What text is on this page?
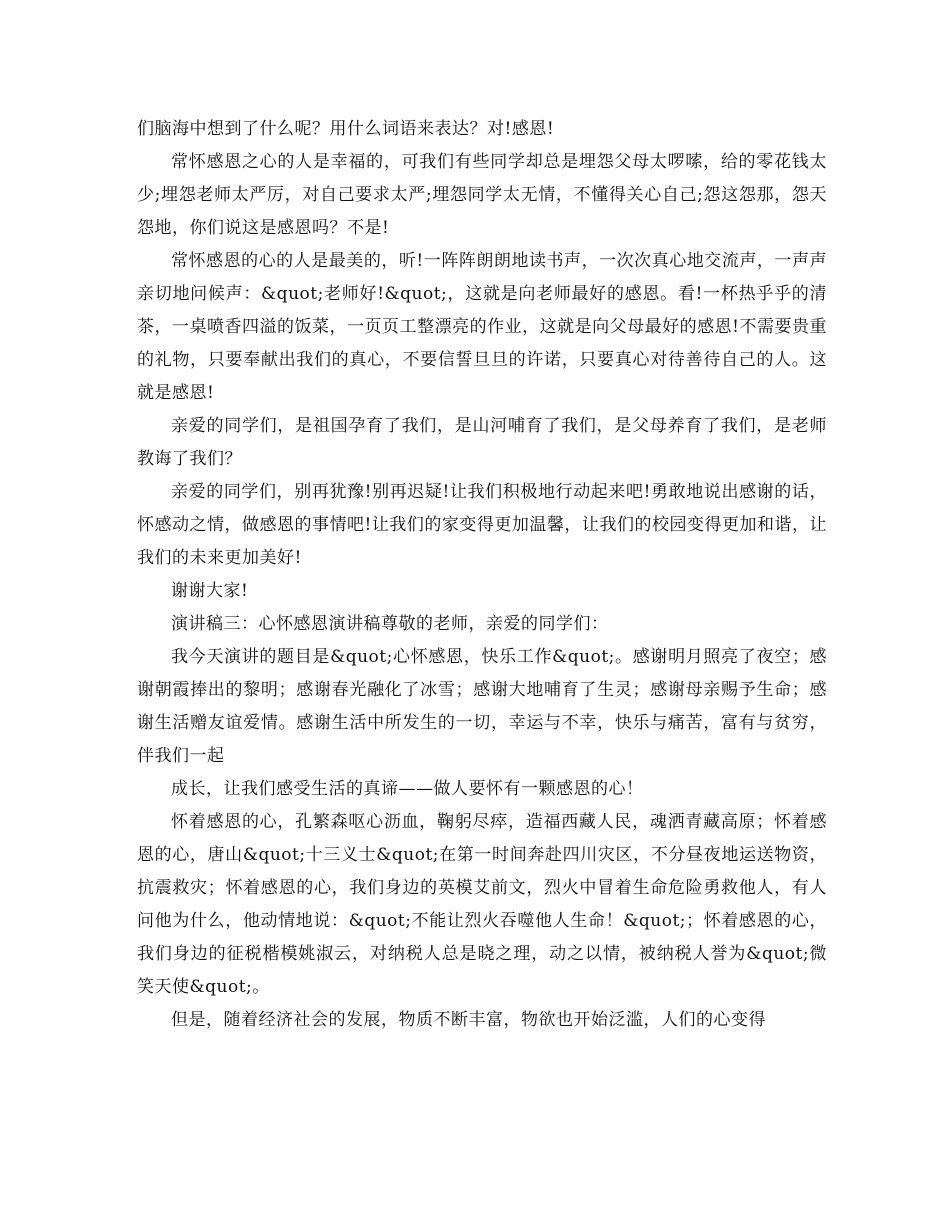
们脑海中想到了什么呢？用什么词语来表达？对!感恩!

常怀感恩之心的人是幸福的，可我们有些同学却总是埋怨父母太啰嗦，给的零花钱太少;埋怨老师太严厉，对自己要求太严;埋怨同学太无情，不懂得关心自己;怨这怨那，怨天怨地，你们说这是感恩吗？不是!

常怀感恩的心的人是最美的，听!一阵阵朗朗地读书声，一次次真心地交流声，一声声亲切地问候声：&quot;老师好!&quot;，这就是向老师最好的感恩。看!一杯热乎乎的清茶，一桌喷香四溢的饭菜，一页页工整漂亮的作业，这就是向父母最好的感恩!不需要贵重的礼物，只要奉献出我们的真心，不要信誓旦旦的许诺，只要真心对待善待自己的人。这就是感恩!

亲爱的同学们，是祖国孕育了我们，是山河哺育了我们，是父母养育了我们，是老师教诲了我们？

亲爱的同学们，别再犹豫!别再迟疑!让我们积极地行动起来吧!勇敢地说出感谢的话，怀感动之情，做感恩的事情吧!让我们的家变得更加温馨，让我们的校园变得更加和谐，让我们的未来更加美好!

谢谢大家!

演讲稿三：心怀感恩演讲稿尊敬的老师，亲爱的同学们：

我今天演讲的题目是&quot;心怀感恩，快乐工作&quot;。感谢明月照亮了夜空；感谢朝霞捧出的黎明；感谢春光融化了冰雪；感谢大地哺育了生灵；感谢母亲赐予生命；感谢生活赠友谊爱情。感谢生活中所发生的一切，幸运与不幸，快乐与痛苦，富有与贫穷，伴我们一起

成长，让我们感受生活的真谛——做人要怀有一颗感恩的心！

怀着感恩的心，孔繁森呕心沥血，鞠躬尽瘁，造福西藏人民，魂洒青藏高原；怀着感恩的心，唐山&quot;十三义士&quot;在第一时间奔赴四川灾区，不分昼夜地运送物资，抗震救灾；怀着感恩的心，我们身边的英模艾前文，烈火中冒着生命危险勇救他人，有人问他为什么，他动情地说：&quot;不能让烈火吞噬他人生命！&quot;；怀着感恩的心，我们身边的征税楷模姚淑云，对纳税人总是晓之理，动之以情，被纳税人誉为&quot;微笑天使&quot;。

但是，随着经济社会的发展，物质不断丰富，物欲也开始泛滥，人们的心变得
